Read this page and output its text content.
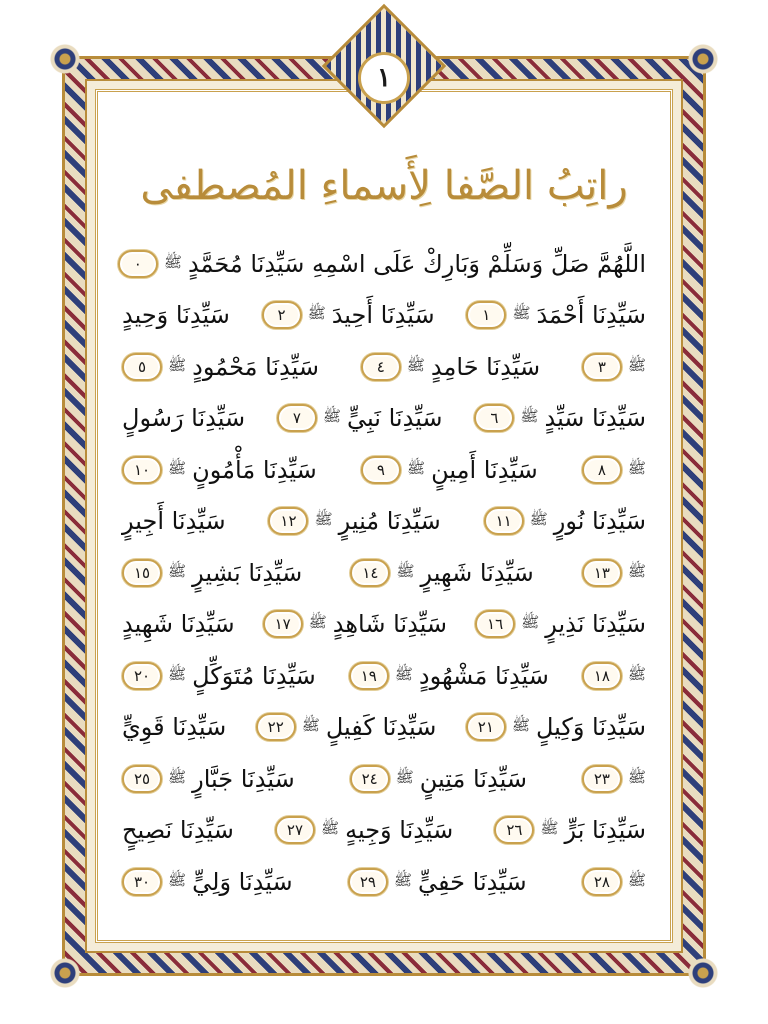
١
راتِبُ الصَّفا لِأَسماءِ المُصطفى
اللَّهُمَّ صَلِّ وَسَلِّمْ وَبَارِكْ عَلَى اسْمِهِ سَيِّدِنَا مُحَمَّدٍ
ﷺ
٠
سَيِّدِنَا أَحْمَدَ
ﷺ
١
سَيِّدِنَا أَحِيدَ
ﷺ
٢
سَيِّدِنَا وَحِيدٍ
ﷺ
٣
سَيِّدِنَا حَامِدٍ
ﷺ
٤
سَيِّدِنَا مَحْمُودٍ
ﷺ
٥
سَيِّدِنَا سَيِّدٍ
ﷺ
٦
سَيِّدِنَا نَبِيٍّ
ﷺ
٧
سَيِّدِنَا رَسُولٍ
ﷺ
٨
سَيِّدِنَا أَمِينٍ
ﷺ
٩
سَيِّدِنَا مَأْمُونٍ
ﷺ
١٠
سَيِّدِنَا نُورٍ
ﷺ
١١
سَيِّدِنَا مُنِيرٍ
ﷺ
١٢
سَيِّدِنَا أَجِيرٍ
ﷺ
١٣
سَيِّدِنَا شَهِيرٍ
ﷺ
١٤
سَيِّدِنَا بَشِيرٍ
ﷺ
١٥
سَيِّدِنَا نَذِيرٍ
ﷺ
١٦
سَيِّدِنَا شَاهِدٍ
ﷺ
١٧
سَيِّدِنَا شَهِيدٍ
ﷺ
١٨
سَيِّدِنَا مَشْهُودٍ
ﷺ
١٩
سَيِّدِنَا مُتَوَكِّلٍ
ﷺ
٢٠
سَيِّدِنَا وَكِيلٍ
ﷺ
٢١
سَيِّدِنَا كَفِيلٍ
ﷺ
٢٢
سَيِّدِنَا قَوِيٍّ
ﷺ
٢٣
سَيِّدِنَا مَتِينٍ
ﷺ
٢٤
سَيِّدِنَا جَبَّارٍ
ﷺ
٢٥
سَيِّدِنَا بَرٍّ
ﷺ
٢٦
سَيِّدِنَا وَجِيهٍ
ﷺ
٢٧
سَيِّدِنَا نَصِيحٍ
ﷺ
٢٨
سَيِّدِنَا حَفِيٍّ
ﷺ
٢٩
سَيِّدِنَا وَلِيٍّ
ﷺ
٣٠
